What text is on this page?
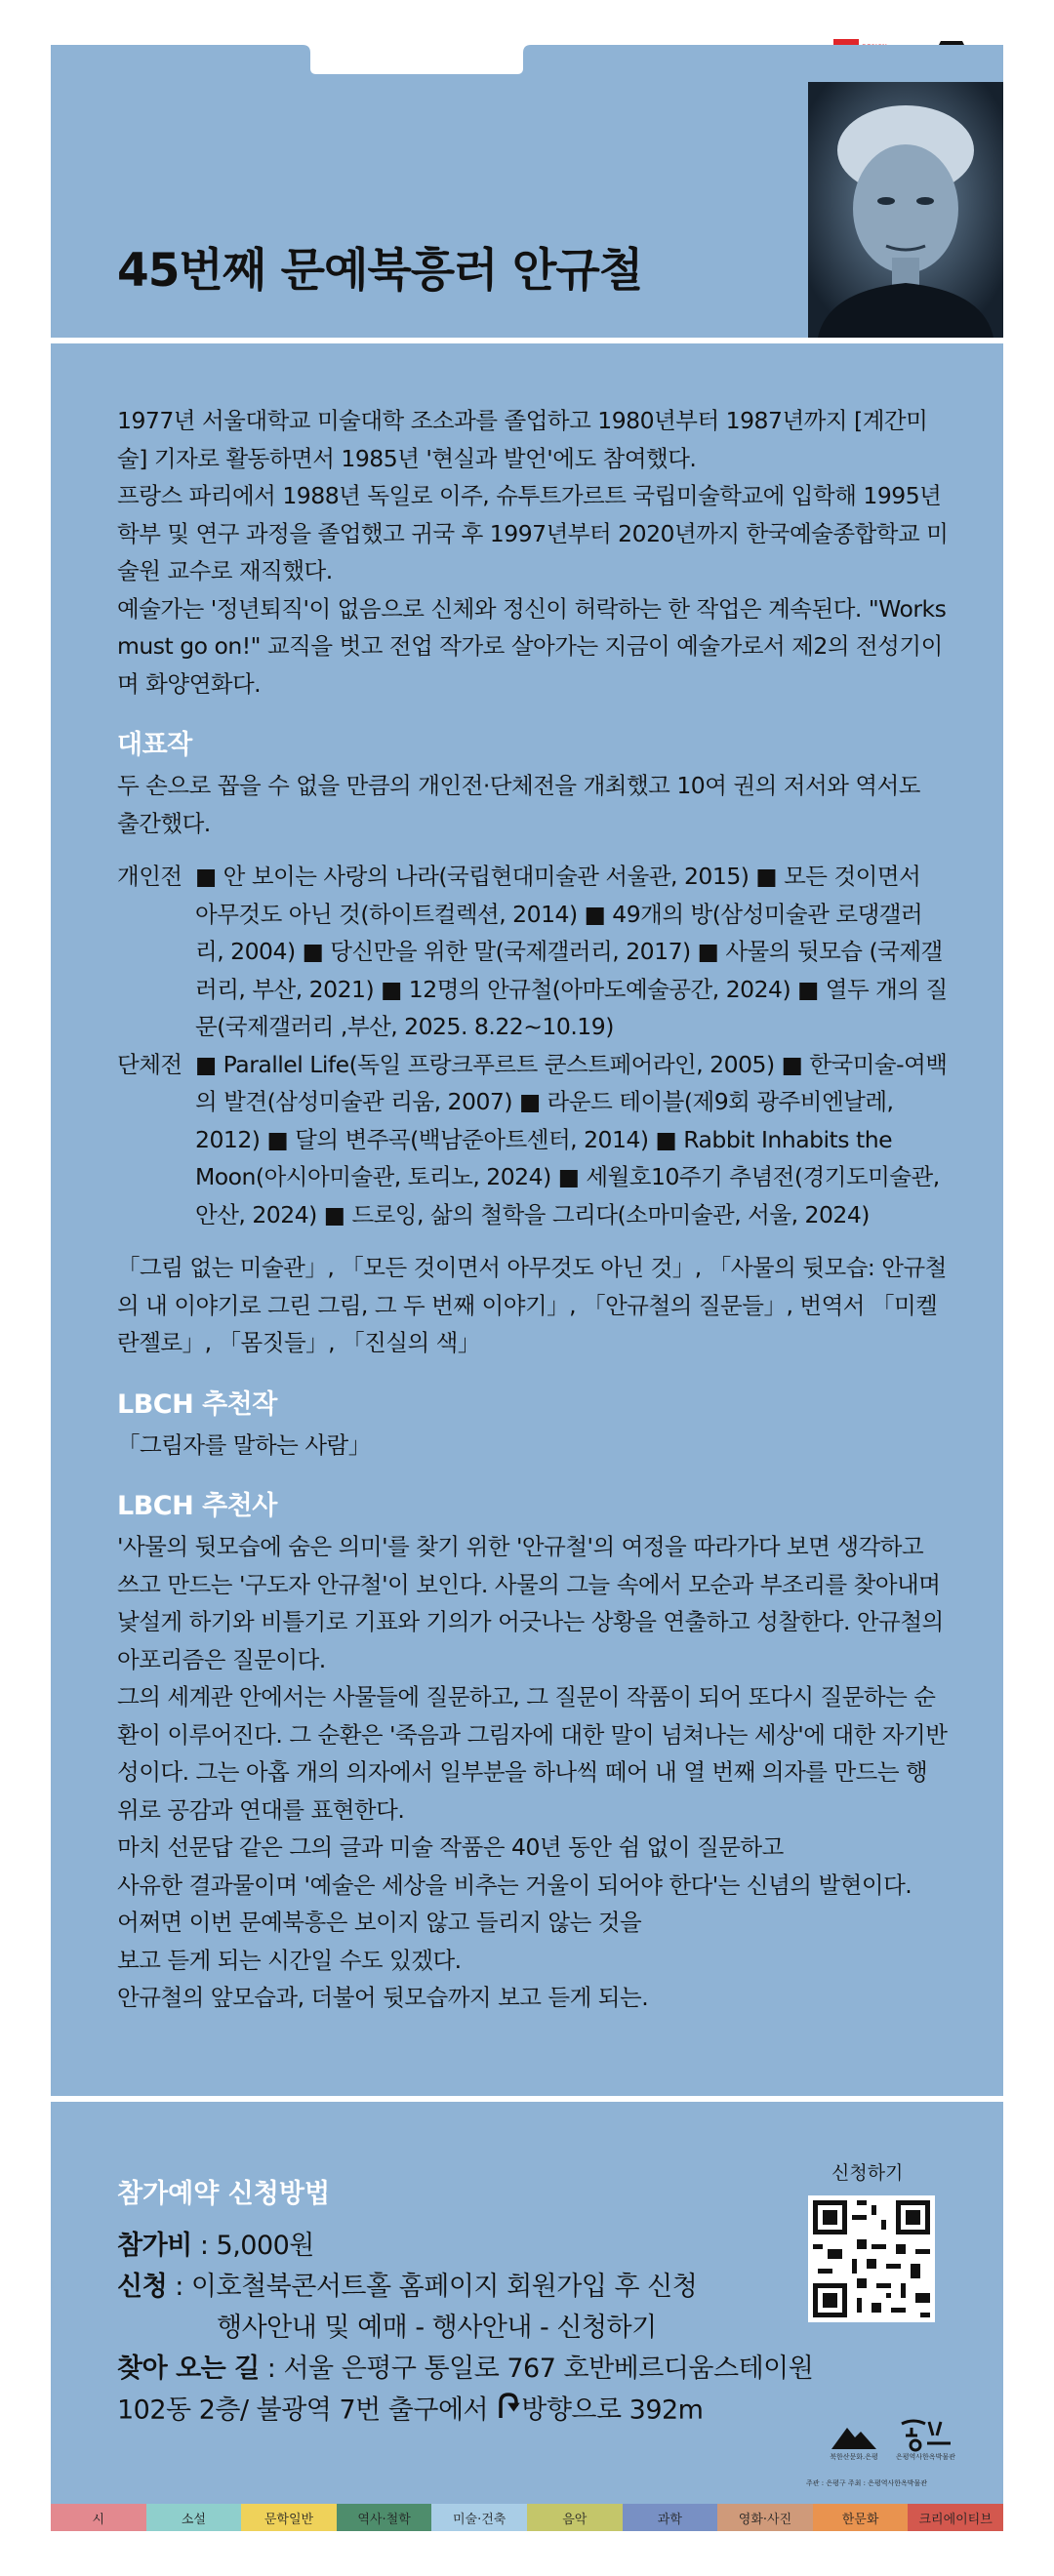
45번째 문예북흥러 안규철

1977년 서울대학교 미술대학 조소과를 졸업하고 1980년부터 1987년까지 [계간미술] 기자로 활동하면서 1985년 '현실과 발언'에도 참여했다.

프랑스 파리에서 1988년 독일로 이주, 슈투트가르트 국립미술학교에 입학해 1995년 학부 및 연구 과정을 졸업했고 귀국 후 1997년부터 2020년까지 한국예술종합학교 미술원 교수로 재직했다.

예술가는 '정년퇴직'이 없음으로 신체와 정신이 허락하는 한 작업은 계속된다. "Works must go on!" 교직을 벗고 전업 작가로 살아가는 지금이 예술가로서 제2의 전성기이며 화양연화다.

대표작

두 손으로 꼽을 수 없을 만큼의 개인전·단체전을 개최했고 10여 권의 저서와 역서도 출간했다.

개인전 ■ 안 보이는 사랑의 나라(국립현대미술관 서울관, 2015) ■ 모든 것이면서 아무것도 아닌 것(하이트컬렉션, 2014) ■ 49개의 방(삼성미술관 로댕갤러리, 2004) ■ 당신만을 위한 말(국제갤러리, 2017) ■ 사물의 뒷모습 (국제갤러리, 부산, 2021) ■ 12명의 안규철(아마도예술공간, 2024) ■ 열두 개의 질문(국제갤러리 ,부산, 2025. 8.22~10.19)
단체전 ■ Parallel Life(독일 프랑크푸르트 쿤스트페어라인, 2005) ■ 한국미술-여백의 발견(삼성미술관 리움, 2007) ■ 라운드 테이블(제9회 광주비엔날레, 2012) ■ 달의 변주곡(백남준아트센터, 2014) ■ Rabbit Inhabits the Moon(아시아미술관, 토리노, 2024) ■ 세월호10주기 추념전(경기도미술관, 안산, 2024) ■ 드로잉, 삶의 철학을 그리다(소마미술관, 서울, 2024)

「그림 없는 미술관」, 「모든 것이면서 아무것도 아닌 것」, 「사물의 뒷모습: 안규철의 내 이야기로 그린 그림, 그 두 번째 이야기」, 「안규철의 질문들」, 번역서 「미켈란젤로」, 「몸짓들」, 「진실의 색」

LBCH 추천작

「그림자를 말하는 사람」

LBCH 추천사

'사물의 뒷모습에 숨은 의미'를 찾기 위한 '안규철'의 여정을 따라가다 보면 생각하고 쓰고 만드는 '구도자 안규철'이 보인다. 사물의 그늘 속에서 모순과 부조리를 찾아내며 낯설게 하기와 비틀기로 기표와 기의가 어긋나는 상황을 연출하고 성찰한다. 안규철의 아포리즘은 질문이다.

그의 세계관 안에서는 사물들에 질문하고, 그 질문이 작품이 되어 또다시 질문하는 순환이 이루어진다. 그 순환은 '죽음과 그림자에 대한 말이 넘쳐나는 세상'에 대한 자기반성이다. 그는 아홉 개의 의자에서 일부분을 하나씩 떼어 내 열 번째 의자를 만드는 행위로 공감과 연대를 표현한다.

마치 선문답 같은 그의 글과 미술 작품은 40년 동안 쉼 없이 질문하고

사유한 결과물이며 '예술은 세상을 비추는 거울이 되어야 한다'는 신념의 발현이다.

어쩌면 이번 문예북흥은 보이지 않고 들리지 않는 것을

보고 듣게 되는 시간일 수도 있겠다.

안규철의 앞모습과, 더불어 뒷모습까지 보고 듣게 되는.

참가예약 신청방법
참가비 : 5,000원
신청 : 이호철북콘서트홀 홈페이지 회원가입 후 신청
행사안내 및 예매 - 행사안내 - 신청하기
찾아 오는 길 : 서울 은평구 통일로 767 호반베르디움스테이원
102동 2층/ 불광역 7번 출구에서 방향으로 392m
신청하기
북한산문화.은평	은평역사한옥박물관
주관 : 은평구 주최 : 은평역사한옥박물관
시	소설	문학일반	역사·철학	미술·건축	음악	과학	영화·사진	한문화	크리에이티브
